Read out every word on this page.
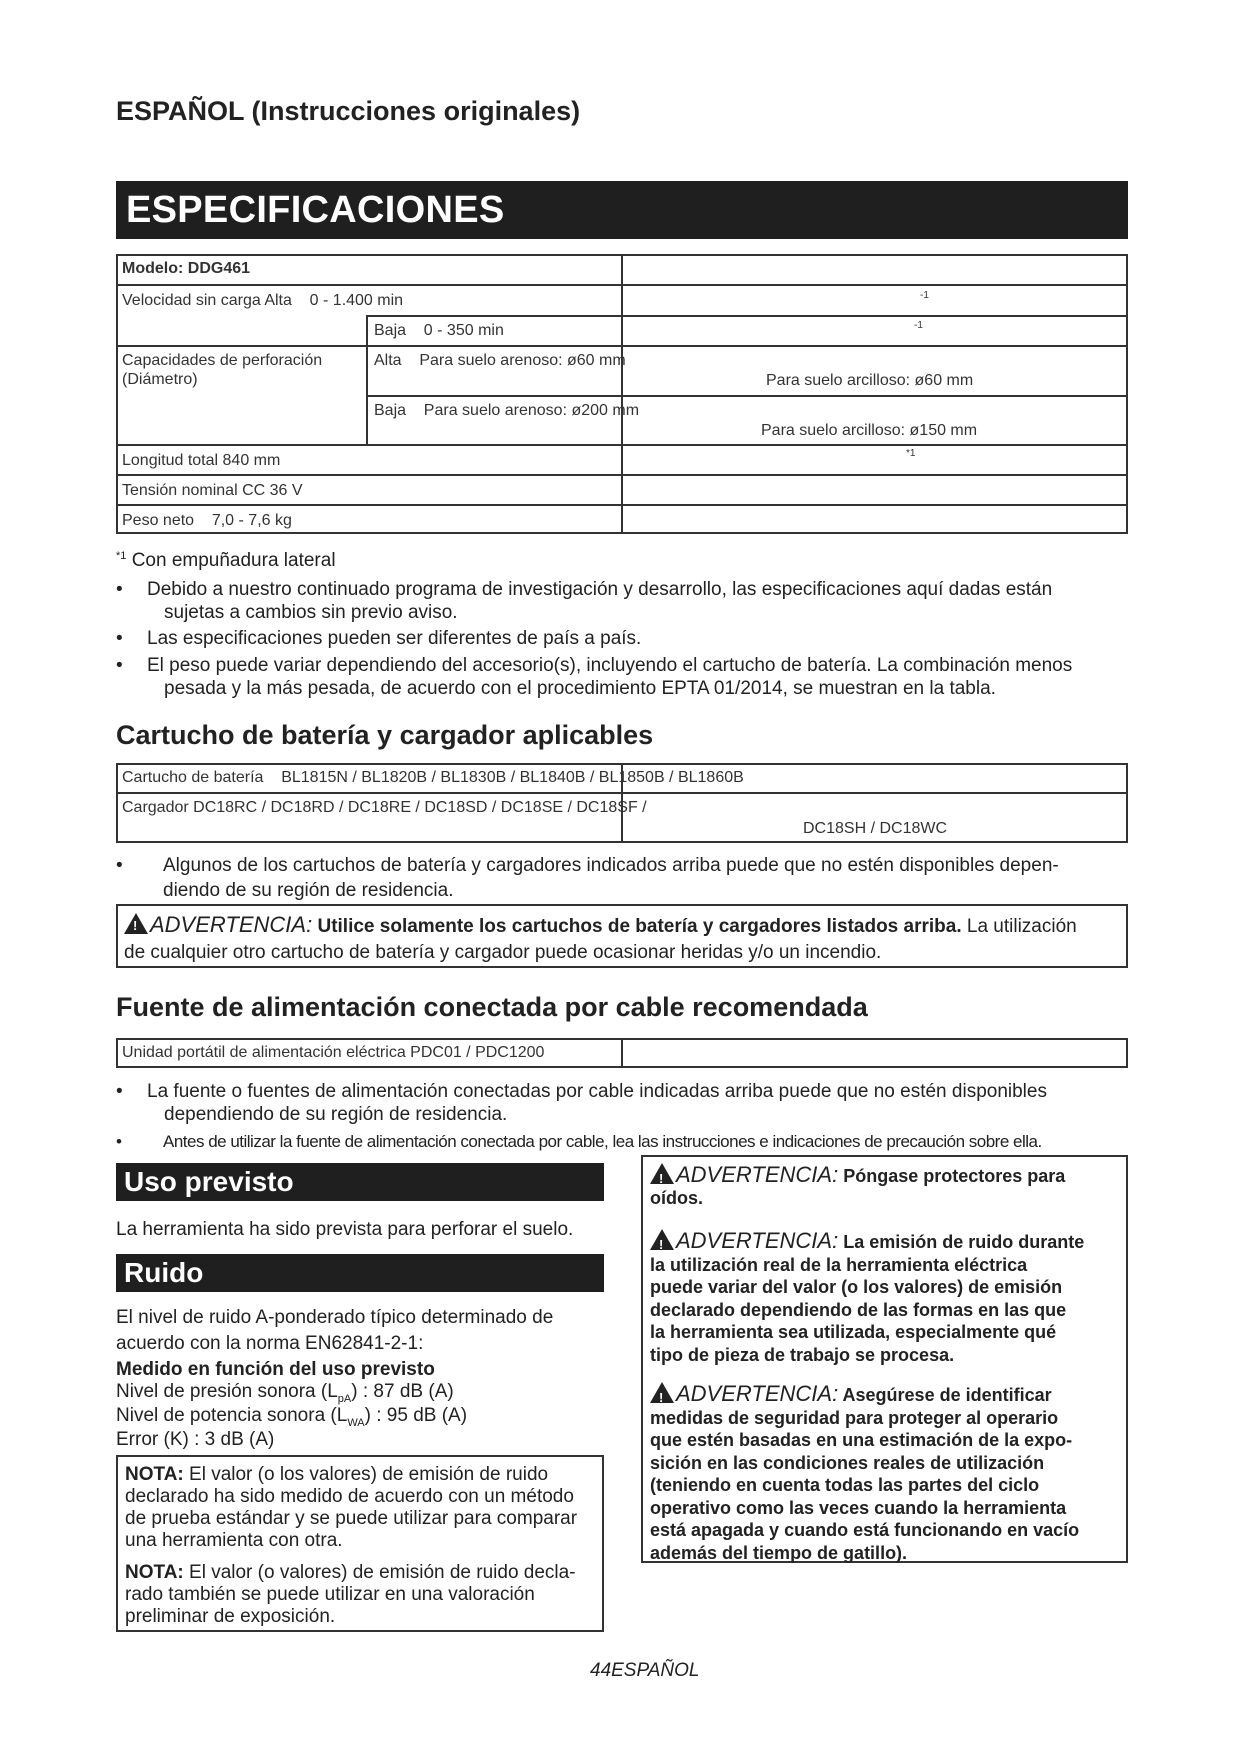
ESPAÑOL (Instrucciones originales)
ESPECIFICACIONES
Modelo: DDG461
Velocidad sin carga Alta    0 - 1.400 min	-1
Baja    0 - 350 min	-1
Capacidades de perforación
(Diámetro)
Alta    Para suelo arenoso: ø60 mm
Para suelo arcilloso: ø60 mm
Baja    Para suelo arenoso: ø200 mm
Para suelo arcilloso: ø150 mm
Longitud total 840 mm	*1
Tensión nominal CC 36 V
Peso neto    7,0 - 7,6 kg
$^{*1}$ Con empuñadura lateral
• Debido a nuestro continuado programa de investigación y desarrollo, las especificaciones aquí dadas están
sujetas a cambios sin previo aviso.
• Las especificaciones pueden ser diferentes de país a país.
• El peso puede variar dependiendo del accesorio(s), incluyendo el cartucho de batería. La combinación menos
pesada y la más pesada, de acuerdo con el procedimiento EPTA 01/2014, se muestran en la tabla.
Cartucho de batería y cargador aplicables
Cartucho de batería    BL1815N / BL1820B / BL1830B / BL1840B / BL1850B / BL1860B
Cargador DC18RC / DC18RD / DC18RE / DC18SD / DC18SE / DC18SF /
DC18SH / DC18WC
• Algunos de los cartuchos de batería y cargadores indicados arriba puede que no estén disponibles depen-
diendo de su región de residencia.
!ADVERTENCIA: Utilice solamente los cartuchos de batería y cargadores listados arriba. La utilización
de cualquier otro cartucho de batería y cargador puede ocasionar heridas y/o un incendio.
Fuente de alimentación conectada por cable recomendada
Unidad portátil de alimentación eléctrica PDC01 / PDC1200
• La fuente o fuentes de alimentación conectadas por cable indicadas arriba puede que no estén disponibles
dependiendo de su región de residencia.
• Antes de utilizar la fuente de alimentación conectada por cable, lea las instrucciones e indicaciones de precaución sobre ella.
Uso previsto
La herramienta ha sido prevista para perforar el suelo.
Ruido
El nivel de ruido A-ponderado típico determinado de
acuerdo con la norma EN62841-2-1:
Medido en función del uso previsto
Nivel de presión sonora $(L_{pA})$ : 87 dB (A)
Nivel de potencia sonora $(L_{WA})$ : 95 dB (A)
Error (K) : 3 dB (A)
NOTA: El valor (o los valores) de emisión de ruido
declarado ha sido medido de acuerdo con un método
de prueba estándar y se puede utilizar para comparar
una herramienta con otra.
NOTA: El valor (o valores) de emisión de ruido decla-
rado también se puede utilizar en una valoración
preliminar de exposición.
!ADVERTENCIA: Póngase protectores para
oídos.
!ADVERTENCIA: La emisión de ruido durante
la utilización real de la herramienta eléctrica
puede variar del valor (o los valores) de emisión
declarado dependiendo de las formas en las que
la herramienta sea utilizada, especialmente qué
tipo de pieza de trabajo se procesa.
!ADVERTENCIA: Asegúrese de identificar
medidas de seguridad para proteger al operario
que estén basadas en una estimación de la expo-
sición en las condiciones reales de utilización
(teniendo en cuenta todas las partes del ciclo
operativo como las veces cuando la herramienta
está apagada y cuando está funcionando en vacío
además del tiempo de gatillo).
44ESPAÑOL
